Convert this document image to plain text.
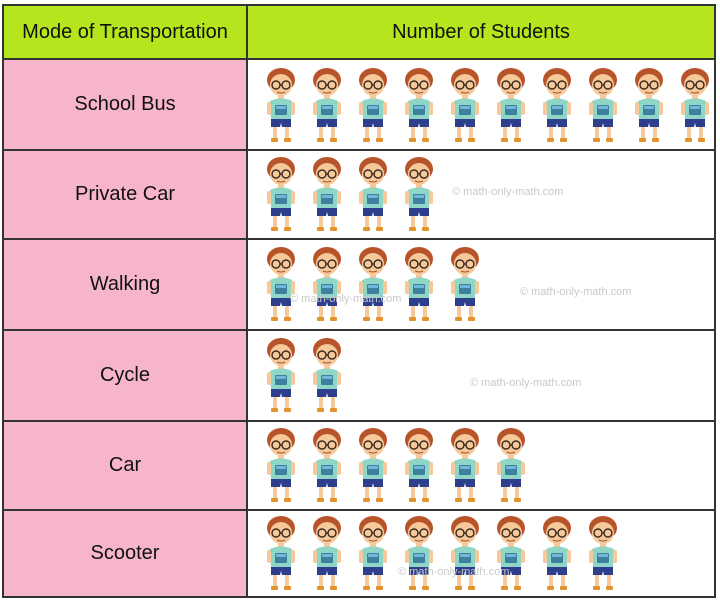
Mode of Transportation	Number of Students
School Bus	

Private Car	

Walking	

Cycle	

Car	

Scooter	
© math-only-math.com
© math-only-math.com
© math-only-math.com
© math-only-math.com
© math-only-math.com
